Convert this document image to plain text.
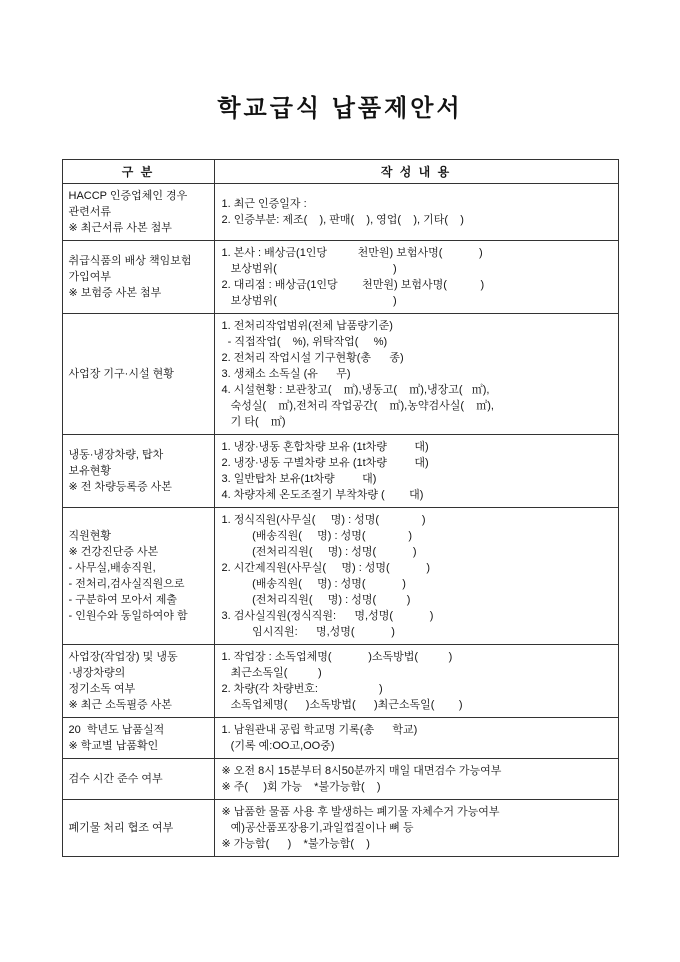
학교급식 납품제안서
구 분	작 성 내 용

HACCP 인증업체인 경우
관련서류
※ 최근서류 사본 첨부

1. 최근 인증일자 :
2. 인증부분: 제조(    ), 판매(    ), 영업(    ), 기타(    )

취급식품의 배상 책임보험
가입여부
※ 보험증 사본 첨부

1. 본사 : 배상금(1인당          천만원) 보험사명(            )
보상범위(                                      )
2. 대리점 : 배상금(1인당        천만원) 보험사명(           )
보상범위(                                      )

사업장 기구·시설 현황

1. 전처리작업범위(전체 납품량기준)
- 직접작업(    %), 위탁작업(     %)
2. 전처리 작업시설 기구현황(총      종)
3. 생채소 소독실 (유      무)
4. 시설현황 : 보관창고(    ㎡),냉동고(    ㎡),냉장고(   ㎡),
숙성실(    ㎡),전처리 작업공간(    ㎡),농약검사실(    ㎡),
기 타(    ㎡)

냉동·냉장차량, 탑차
보유현황
※ 전 차량등록증 사본

1. 냉장·냉동 혼합차량 보유 (1t차량         대)
2. 냉장·냉동 구별차량 보유 (1t차량         대)
3. 일반탑차 보유(1t차량         대)
4. 차량자체 온도조절기 부착차량 (        대)

직원현황
※ 건강진단증 사본
- 사무실,배송직원,
- 전처리,검사실직원으로
- 구분하여 모아서 제출
- 인원수와 동일하여야 함

1. 정식직원(사무실(     명) : 성명(              )
(배송직원(     명) : 성명(              )
(전처리직원(     명) : 성명(            )
2. 시간제직원(사무실(     명) : 성명(            )
(배송직원(     명) : 성명(            )
(전처리직원(     명) : 성명(          )
3. 검사실직원(정식직원:      명,성명(            )
임시직원:      명,성명(            )

사업장(작업장) 및 냉동
·냉장차량의
정기소독 여부
※ 최근 소독필증 사본

1. 작업장 : 소독업체명(            )소독방법(          )
최근소독일(          )
2. 차량(각 차량번호:                    )
소독업체명(      )소독방법(      )최근소독일(        )

20  학년도 납품실적
※ 학교별 납품확인

1. 남원관내 공립 학교명 기록(총      학교)
(기록 예:OO고,OO중)

검수 시간 준수 여부	※ 오전 8시 15분부터 8시50분까지 매일 대면검수 가능여부
※ 주(     )회 가능    *불가능함(    )

폐기물 처리 협조 여부	※ 납품한 물품 사용 후 발생하는 폐기물 자체수거 가능여부
예)공산품포장용기,과일껍질이나 뼈 등
※ 가능함(      )    *불가능함(    )
